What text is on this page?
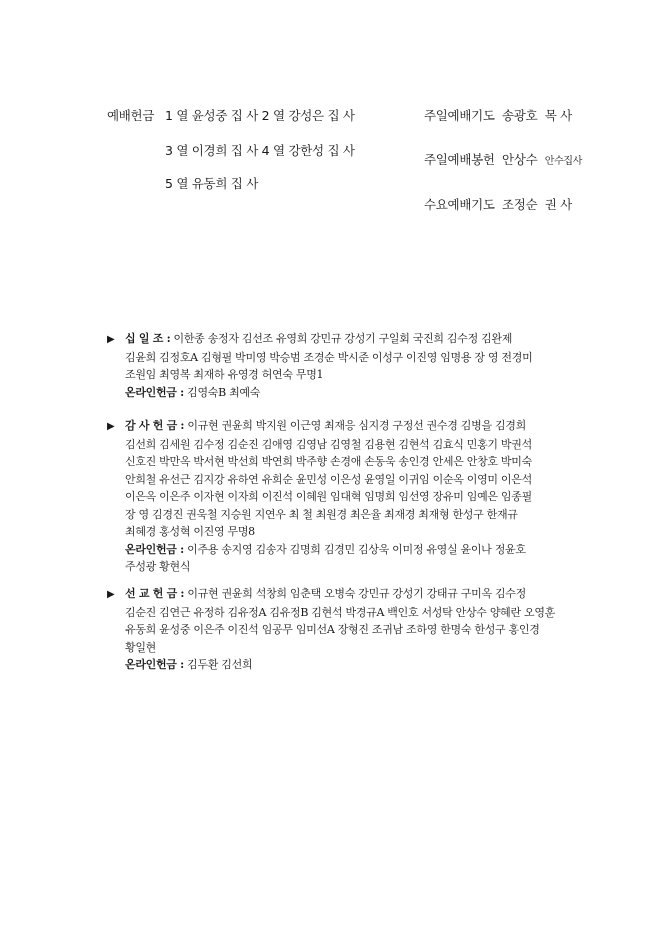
예배헌금 1 열 윤성중 집 사 2 열 강성은 집 사
3 열 이경희 집 사 4 열 강한성 집 사
5 열 유동희 집 사
주일예배기도 송광호 목 사
주일예배봉헌 안상수 안수집사
수요예배기도 조정순 권 사
▶ 십 일 조 : 이한종 송정자 김선조 유영희 강민규 강성기 구일회 국진희 김수정 김완제
김윤희 김정호A 김형필 박미영 박승범 조경순 박시준 이성구 이진영 임명용 장 영 전경미
조원임 최영복 최재하 유영경 허연숙 무명1
온라인헌금 : 김영숙B 최예숙
▶ 감 사 헌 금 : 이규현 권윤희 박지원 이근영 최재응 심지경 구정선 권수경 김병을 김경희
김선희 김세원 김수정 김순진 김애영 김영남 김영철 김용현 김현석 김효식 민홍기 박권석
신호진 박만옥 박서현 박선희 박연희 박주향 손경애 손동욱 송인경 안세은 안창호 박미숙
안희철 유선근 김지강 유하연 유희순 윤민성 이은성 윤영일 이귀임 이순옥 이영미 이은석
이은옥 이은주 이자현 이자희 이진석 이혜원 임대혁 임명희 임선영 장유미 임예은 임종필
장 영 김경진 권욱철 지승원 지연우 최 철 최원경 최은율 최재경 최재형 한성구 한재규
최혜경 홍성혁 이진영 무명8
온라인헌금 : 이주용 송지영 김송자 김명희 김경민 김상욱 이미정 유영실 윤이나 정윤호
주성광 황현식
▶ 선 교 헌 금 : 이규현 권윤희 석창희 임춘택 오병숙 강민규 강성기 강태규 구미옥 김수정
김순진 김연근 유정하 김유정A 김유정B 김현석 박경규A 백인호 서성탁 안상수 양혜란 오영훈
유동희 윤성중 이은주 이진석 임공무 임미선A 장형진 조귀남 조하영 한명숙 한성구 홍인경
황일현
온라인헌금 : 김두환 김선희
